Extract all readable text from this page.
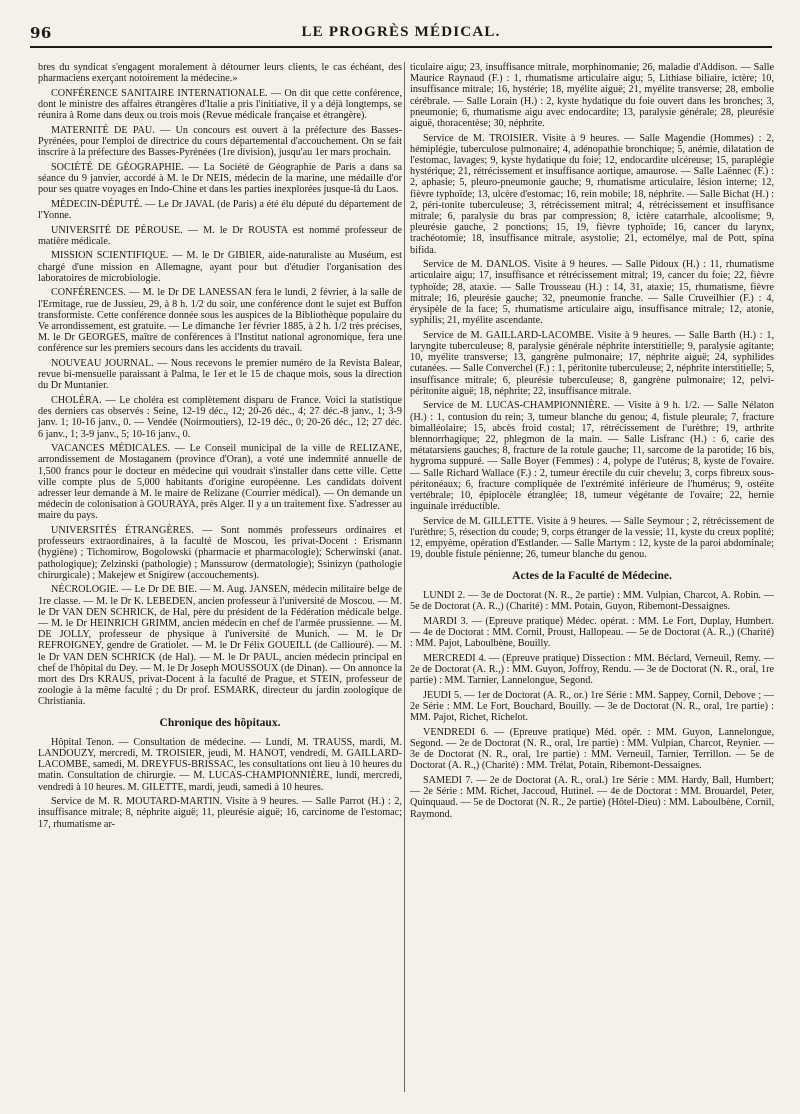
96	LE PROGRÈS MÉDICAL.

bres du syndicat s'engagent moralement à détourner leurs clients, le cas échéant, des pharmaciens exerçant notoirement la médecine.»

CONFÉRENCE SANITAIRE INTERNATIONALE. — On dit que cette conférence, dont le ministre des affaires étrangères d'Italie a pris l'initiative, il y a déjà longtemps, se réunira à Rome dans deux ou trois mois (Revue médicale française et étrangère).

MATERNITÉ DE PAU. — Un concours est ouvert à la préfecture des Basses-Pyrénées, pour l'emploi de directrice du cours départemental d'accouchement. On se fait inscrire à la préfecture des Basses-Pyrénées (1re division), jusqu'au 1er mars prochain.

SOCIÉTÉ DE GÉOGRAPHIE. — La Société de Géographie de Paris a dans sa séance du 9 janvier, accordé à M. le Dr NEIS, médecin de la marine, une médaille d'or pour ses quatre voyages en Indo-Chine et dans les parties inexplorées jusque-là du Laos.

MÉDECIN-DÉPUTÉ. — Le Dr JAVAL (de Paris) a été élu député du département de l'Yonne.

UNIVERSITÉ DE PÉROUSE. — M. le Dr ROUSTA est nommé professeur de matière médicale.

MISSION SCIENTIFIQUE. — M. le Dr GIBIER, aide-naturaliste au Muséum, est chargé d'une mission en Allemagne, ayant pour but d'étudier l'organisation des laboratoires de microbiologie.

CONFÉRENCES. — M. le Dr DE LANESSAN fera le lundi, 2 février, à la salle de l'Ermitage, rue de Jussieu, 29, à 8 h. 1/2 du soir, une conférence dont le sujet est Buffon transformiste. Cette conférence donnée sous les auspices de la Bibliothèque populaire du Ve arrondissement, est gratuite. — Le dimanche 1er février 1885, à 2 h. 1/2 très précises, M. le Dr GEORGES, maître de conférences à l'Institut national agronomique, fera une conférence sur les premiers secours dans les accidents du travail.

NOUVEAU JOURNAL. — Nous recevons le premier numéro de la Revista Balear, revue bi-mensuelle paraissant à Palma, le 1er et le 15 de chaque mois, sous la direction du Dr Muntanier.

CHOLÉRA. — Le choléra est complètement disparu de France. Voici la statistique des derniers cas observés : Seine, 12-19 déc., 12; 20-26 déc., 4; 27 déc.-8 janv., 1; 3-9 janv. 1; 10-16 janv., 0. — Vendée (Noirmoutiers), 12-19 déc., 0; 20-26 déc., 12; 27 déc. 6 janv., 1; 3-9 janv., 5; 10-16 janv., 0.

VACANCES MÉDICALES. — Le Conseil municipal de la ville de RELIZANE, arrondissement de Mostaganem (province d'Oran), a voté une indemnité annuelle de 1,500 francs pour le docteur en médecine qui voudrait s'installer dans cette ville. Cette ville compte plus de 5,000 habitants d'origine européenne. Les candidats doivent adresser leur demande à M. le maire de Relizane (Courrier médical). — On demande un médecin de colonisation à GOURAYA, près Alger. Il y a un traitement fixe. S'adresser au maire du pays.

UNIVERSITÉS ÉTRANGÈRES. — Sont nommés professeurs ordinaires et professeurs extraordinaires, à la faculté de Moscou, les privat-Docent : Erismann (hygiène) ; Tichomirow, Bogolowski (pharmacie et pharmacologie); Scherwinski (anat. pathologique); Zelzinski (pathologie) ; Manssurow (dermatologie); Ssinizyn (pathologie chirurgicale) ; Makejew et Snigirew (accouchements).

NÉCROLOGIE. — Le Dr DE BIE. — M. Aug. JANSEN, médecin militaire belge de 1re classe. — M. le Dr K. LEBEDEN, ancien professeur à l'université de Moscou. — M. le Dr VAN DEN SCHRICK, de Hal, père du président de la Fédération médicale belge. — M. le Dr HEINRICH GRIMM, ancien médecin en chef de l'armée prussienne. — M. DE JOLLY, professeur de physique à l'université de Munich. — M. le Dr REFROIGNEY, gendre de Gratiolet. — M. le Dr Félix GOUEILL (de Calliouré). — M. le Dr VAN DEN SCHRICK (de Hal). — M. le Dr PAUL, ancien médecin principal en chef de l'hôpital du Dey. — M. le Dr Joseph MOUSSOUX (de Dinan). — On annonce la mort des Drs KRAUS, privat-Docent à la faculté de Prague, et STEIN, professeur de zoologie à la même faculté ; du Dr prof. ESMARK, directeur du jardin zoologique de Christiania.

Chronique des hôpitaux.

Hôpital Tenon. — Consultation de médecine. — Lundi, M. TRAUSS, mardi, M. LANDOUZY, mercredi, M. TROISIER, jeudi, M. HANOT, vendredi, M. GAILLARD-LACOMBE, samedi, M. DREYFUS-BRISSAC, les consultations ont lieu à 10 heures du matin. Consultation de chirurgie. — M. LUCAS-CHAMPIONNIÈRE, lundi, mercredi, vendredi à 10 heures. M. GILETTE, mardi, jeudi, samedi à 10 heures.

Service de M. R. MOUTARD-MARTIN. Visite à 9 heures. — Salle Parrot (H.) : 2, insuffisance mitrale; 8, néphrite aiguë; 11, pleurésie aiguë; 16, carcinome de l'estomac; 17, rhumatisme ar-

ticulaire aigu; 23, insuffisance mitrale, morphinomanie; 26, maladie d'Addison. — Salle Maurice Raynaud (F.) : 1, rhumatisme articulaire aigu; 5, Lithiase biliaire, ictère; 10, insuffisance mitrale; 16, hystérie; 18, myélite aiguë; 21, myélite transverse; 28, embolie cérébrale. — Salle Lorain (H.) : 2, kyste hydatique du foie ouvert dans les bronches; 3, pneumonie; 6, rhumatisme aigu avec endocardite; 13, paralysie générale; 28, pleurésie aiguë, thoracentèse; 30, néphrite.

Service de M. TROISIER. Visite à 9 heures. — Salle Magendie (Hommes) : 2, hémiplégie, tuberculose pulmonaire; 4, adénopathie bronchique; 5, anémie, dilatation de l'estomac, lavages; 9, kyste hydatique du foie; 12, endocardite ulcéreuse; 15, paraplégie hystérique; 21, rétrécissement et insuffisance aortique, amaurose. — Salle Laënnec (F.) : 2, aphasie; 5, pleuro-pneumonie gauche; 9, rhumatisme articulaire, lésion interne; 12, fièvre typhoïde; 13, ulcère d'estomac; 16, rein mobile; 18, néphrite. — Salle Bichat (H.) : 2, péri-tonite tuberculeuse; 3, rétrécissement mitral; 4, rétrécissement et insuffisance mitrale; 6, paralysie du bras par compression; 8, ictère catarrhale, alcoolisme; 9, pleurésie gauche, 2 ponctions; 15, 19, fièvre typhoïde; 16, cancer du larynx, trachéotomie; 18, insuffisance mitrale, asystolie; 21, ectomélye, mal de Pott, spina bifida.

Service de M. DANLOS. Visite à 9 heures. — Salle Pidoux (H.) : 11, rhumatisme articulaire aigu; 17, insuffisance et rétrécissement mitral; 19, cancer du foie; 22, fièvre typhoïde; 28, ataxie. — Salle Trousseau (H.) : 14, 31, ataxie; 15, rhumatisme, fièvre mitrale; 16, pleurésie gauche; 32, pneumonie franche. — Salle Cruveilhier (F.) : 4, érysipèle de la face; 5, rhumatisme articulaire aigu, insuffisance mitrale; 12, atonie, syphilis; 21, myélite ascendante.

Service de M. GAILLARD-LACOMBE. Visite à 9 heures. — Salle Barth (H.) : 1, laryngite tuberculeuse; 8, paralysie générale néphrite interstitielle; 9, paralysie agitante; 10, myélite transverse; 13, gangrène pulmonaire; 17, néphrite aiguë; 24, syphilides cutanées. — Salle Converchel (F.) : 1, péritonite tuberculeuse; 2, néphrite interstitielle; 5, insuffisance mitrale; 6, pleurésie tuberculeuse; 8, gangrène pulmonaire; 12, pelvi-péritonite aiguë; 18, néphrite; 22, insuffisance mitrale.

Service de M. LUCAS-CHAMPIONNIÈRE. — Visite à 9 h. 1/2. — Salle Nélaton (H.) : 1, contusion du rein; 3, tumeur blanche du genou; 4, fistule pleurale; 7, fracture bimalléolaire; 15, abcès froid costal; 17, rétrécissement de l'urèthre; 19, arthrite blennorrhagique; 22, phlegmon de la main. — Salle Lisfranc (H.) : 6, carie des métatarsiens gauches; 8, fracture de la rotule gauche; 11, sarcome de la parotide; 16 bis, hygroma suppuré. — Salle Boyer (Femmes) : 4, polype de l'utérus; 8, kyste de l'ovaire. — Salle Richard Wallace (F.) : 2, tumeur érectile du cuir chevelu; 3, corps fibreux sous-péritonéaux; 6, fracture compliquée de l'extrémité inférieure de l'humérus; 9, ostéite vertébrale; 10, épiplocèle étranglée; 18, tumeur végétante de l'ovaire; 22, hernie inguinale irréductible.

Service de M. GILLETTE. Visite à 9 heures. — Salle Seymour ; 2, rétrécissement de l'urèthre; 5, résection du coude; 9, corps étranger de la vessie; 11, kyste du creux poplité; 12, empyème, opération d'Estlander. — Salle Martym : 12, kyste de la paroi abdominale; 19, double fistule pénienne; 26, tumeur blanche du genou.

Actes de la Faculté de Médecine.

LUNDI 2. — 3e de Doctorat (N. R., 2e partie) : MM. Vulpian, Charcot, A. Robin. — 5e de Doctorat (A. R.,) (Charité) : MM. Potain, Guyon, Ribemont-Dessaignes.

MARDI 3. — (Epreuve pratique) Médec. opérat. : MM. Le Fort, Duplay, Humbert. — 4e de Doctorat : MM. Cornil, Proust, Hallopeau. — 5e de Doctorat (A. R.,) (Charité) : MM. Pajot, Laboulbène, Bouilly.

MERCREDI 4. — (Epreuve pratique) Dissection : MM. Béclard, Verneuil, Remy. — 2e de Doctorat (A. R.,) : MM. Guyon, Joffroy, Rendu. — 3e de Doctorat (N. R., oral, 1re partie) : MM. Tarnier, Lannelongue, Segond.

JEUDI 5. — 1er de Doctorat (A. R., or.) 1re Série : MM. Sappey, Cornil, Debove ; — 2e Série : MM. Le Fort, Bouchard, Bouilly. — 3e de Doctorat (N. R., oral, 1re partie) : MM. Pajot, Richet, Richelot.

VENDREDI 6. — (Epreuve pratique) Méd. opér. : MM. Guyon, Lannelongue, Segond. — 2e de Doctorat (N. R., oral, 1re partie) : MM. Vulpian, Charcot, Reynier. — 3e de Doctorat (N. R., oral, 1re partie) : MM. Verneuil, Tarnier, Terrillon. — 5e de Doctorat (A. R.,) (Charité) : MM. Trélat, Potain, Ribemont-Dessaignes.

SAMEDI 7. — 2e de Doctorat (A. R., oral.) 1re Série : MM. Hardy, Ball, Humbert; — 2e Série : MM. Richet, Jaccoud, Hutinel. — 4e de Doctorat : MM. Brouardel, Peter, Quinquaud. — 5e de Doctorat (N. R., 2e partie) (Hôtel-Dieu) : MM. Laboulbène, Cornil, Raymond.
